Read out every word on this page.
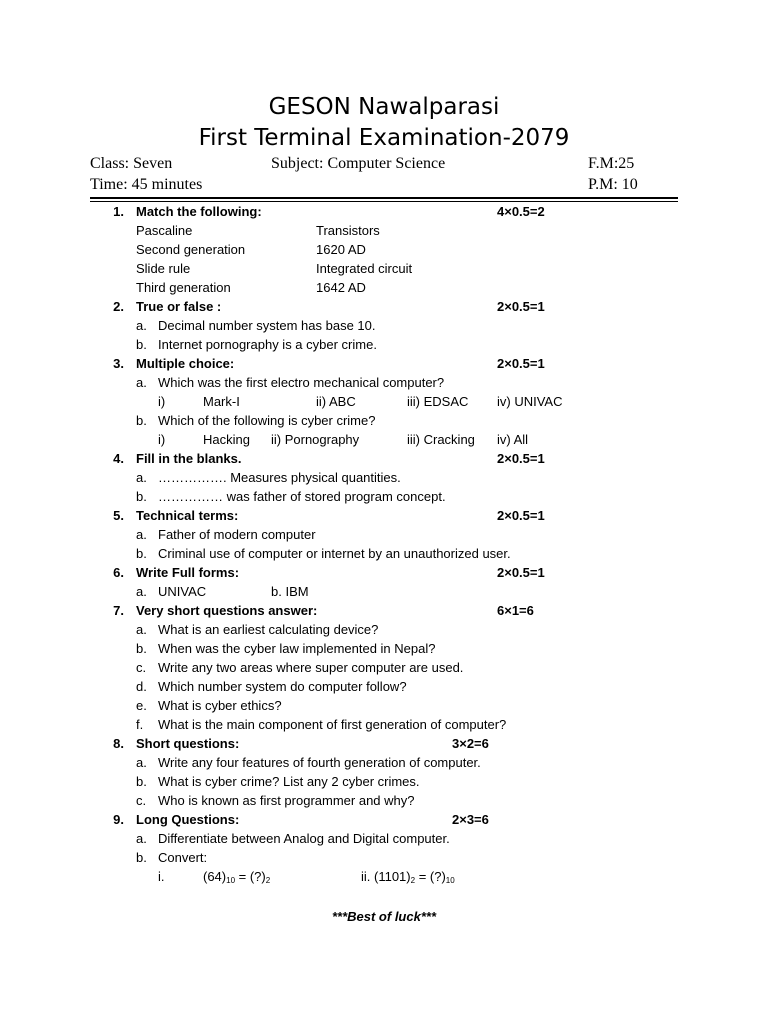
GESON Nawalparasi
First Terminal Examination-2079
Class: Seven	Subject: Computer Science	F.M:25
Time: 45 minutes	P.M: 10
1. Match the following:	4×0.5=2
Pascaline	Transistors
Second generation	1620 AD
Slide rule	Integrated circuit
Third generation	1642 AD
2. True or false :	2×0.5=1
a. Decimal number system has base 10.
b. Internet pornography is a cyber crime.
3. Multiple choice:	2×0.5=1
a. Which was the first electro mechanical computer?
i)	Mark-I	ii) ABC	iii) EDSAC iv) UNIVAC
b. Which of the following is cyber crime?
i)	Hacking ii) Pornography	iii) Cracking iv) All
4. Fill in the blanks.	2×0.5=1
a. ……………. Measures physical quantities.
b. …………… was father of stored program concept.
5. Technical terms:	2×0.5=1
a. Father of modern computer
b. Criminal use of computer or internet by an unauthorized user.
6. Write Full forms:	2×0.5=1
a. UNIVAC	b. IBM
7. Very short questions answer:	6×1=6
a. What is an earliest calculating device?
b. When was the cyber law implemented in Nepal?
c. Write any two areas where super computer are used.
d. Which number system do computer follow?
e. What is cyber ethics?
f. What is the main component of first generation of computer?
8. Short questions:	3×2=6
a. Write any four features of fourth generation of computer.
b. What is cyber crime? List any 2 cyber crimes.
c. Who is known as first programmer and why?
9. Long Questions:	2×3=6
a. Differentiate between Analog and Digital computer.
b. Convert:
i.	$(64)_{10}$ = $(?)_2$	ii. $(1101)_2$ = $(?)_{10}$
***Best of luck***
